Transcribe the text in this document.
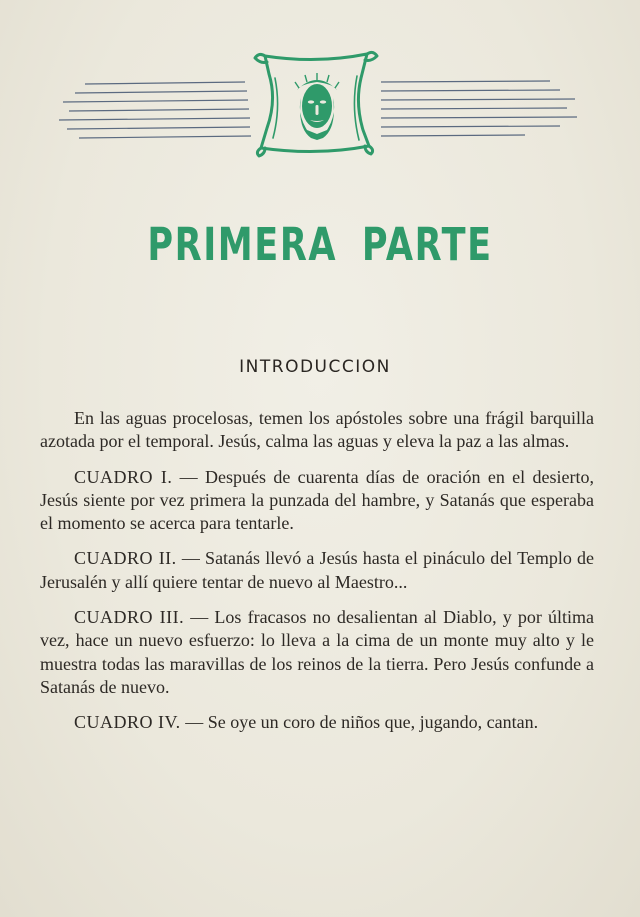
PRIMERA PARTE
INTRODUCCION

En las aguas procelosas, temen los apóstoles sobre una frágil barquilla azotada por el temporal. Jesús, calma las aguas y eleva la paz a las almas.

CUADRO I. — Después de cuarenta días de oración en el desierto, Jesús siente por vez primera la punzada del hambre, y Satanás que esperaba el momento se acerca para tentarle.

CUADRO II. — Satanás llevó a Jesús hasta el pináculo del Templo de Jerusalén y allí quiere tentar de nuevo al Maestro...

CUADRO III. — Los fracasos no desalientan al Diablo, y por última vez, hace un nuevo esfuerzo: lo lleva a la cima de un monte muy alto y le muestra todas las maravillas de los reinos de la tierra. Pero Jesús confunde a Satanás de nuevo.

CUADRO IV. — Se oye un coro de niños que, jugando, cantan.
